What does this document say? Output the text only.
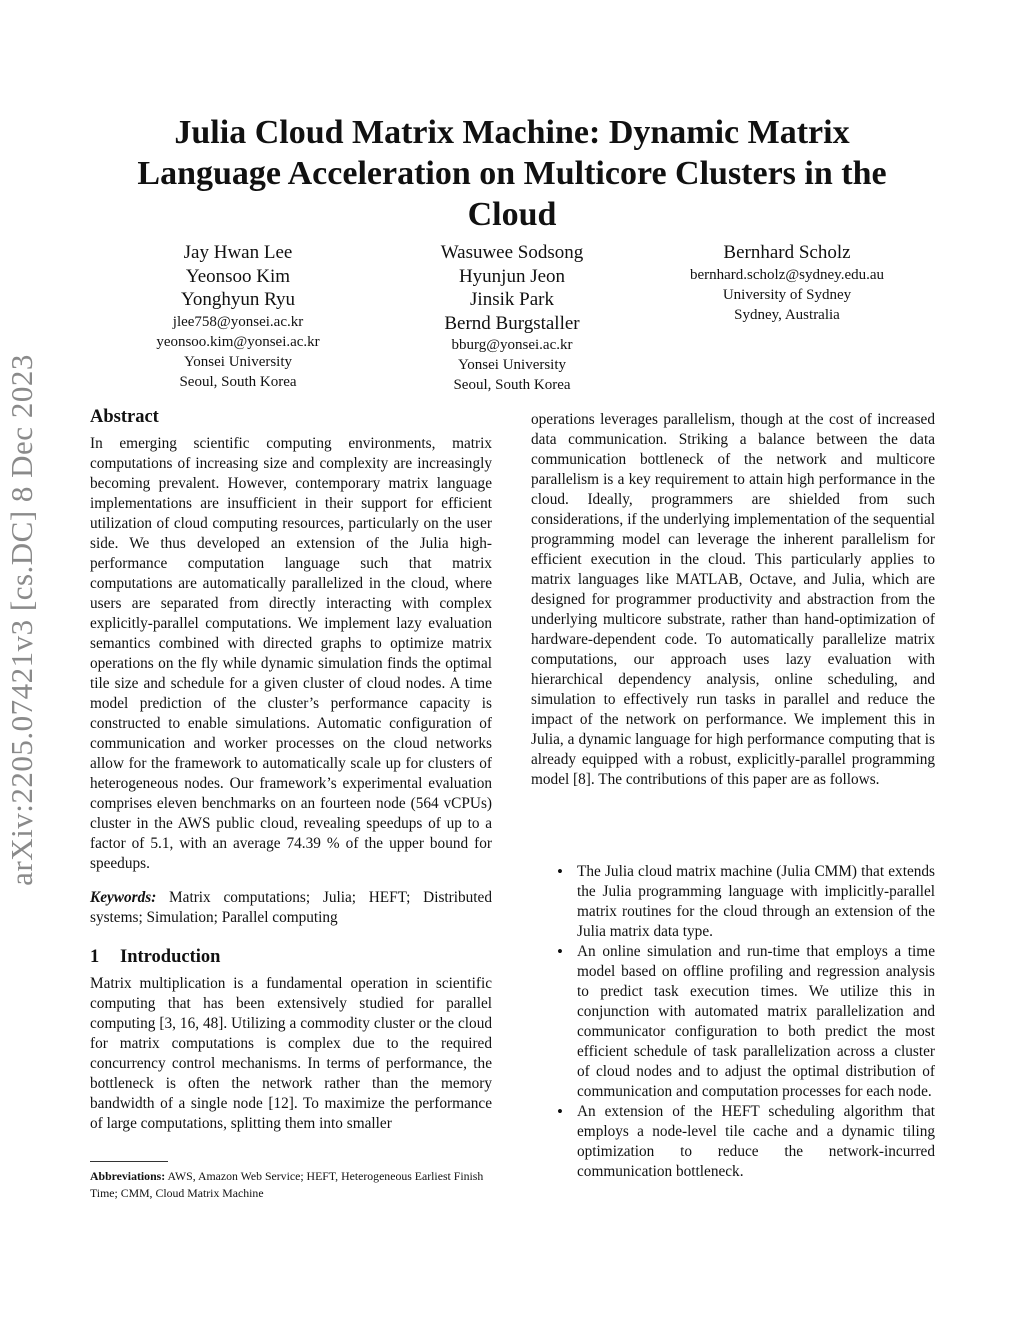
arXiv:2205.07421v3 [cs.DC] 8 Dec 2023
Julia Cloud Matrix Machine: Dynamic Matrix
Language Acceleration on Multicore Clusters in the
Cloud
Jay Hwan Lee
Yeonsoo Kim
Yonghyun Ryu
jlee758@yonsei.ac.kr
yeonsoo.kim@yonsei.ac.kr
Yonsei University
Seoul, South Korea
Wasuwee Sodsong
Hyunjun Jeon
Jinsik Park
Bernd Burgstaller
bburg@yonsei.ac.kr
Yonsei University
Seoul, South Korea
Bernhard Scholz
bernhard.scholz@sydney.edu.au
University of Sydney
Sydney, Australia
Abstract

In emerging scientific computing environments, matrix computations of increasing size and complexity are increasingly becoming prevalent. However, contemporary matrix language implementations are insufficient in their support for efficient utilization of cloud computing resources, particularly on the user side. We thus developed an extension of the Julia high-performance computation language such that matrix computations are automatically parallelized in the cloud, where users are separated from directly interacting with complex explicitly-parallel computations. We implement lazy evaluation semantics combined with directed graphs to optimize matrix operations on the fly while dynamic simulation finds the optimal tile size and schedule for a given cluster of cloud nodes. A time model prediction of the cluster’s performance capacity is constructed to enable simulations. Automatic configuration of communication and worker processes on the cloud networks allow for the framework to automatically scale up for clusters of heterogeneous nodes. Our framework’s experimental evaluation comprises eleven benchmarks on an fourteen node (564 vCPUs) cluster in the AWS public cloud, revealing speedups of up to a factor of 5.1, with an average 74.39 % of the upper bound for speedups.

Keywords: Matrix computations; Julia; HEFT; Distributed systems; Simulation; Parallel computing

1 Introduction

Matrix multiplication is a fundamental operation in scientific computing that has been extensively studied for parallel computing [3, 16, 48]. Utilizing a commodity cluster or the cloud for matrix computations is complex due to the required concurrency control mechanisms. In terms of performance, the bottleneck is often the network rather than the memory bandwidth of a single node [12]. To maximize the performance of large computations, splitting them into smaller

operations leverages parallelism, though at the cost of increased data communication. Striking a balance between the data communication bottleneck of the network and multicore parallelism is a key requirement to attain high performance in the cloud. Ideally, programmers are shielded from such considerations, if the underlying implementation of the sequential programming model can leverage the inherent parallelism for efficient execution in the cloud. This particularly applies to matrix languages like MATLAB, Octave, and Julia, which are designed for programmer productivity and abstraction from the underlying multicore substrate, rather than hand-optimization of hardware-dependent code. To automatically parallelize matrix computations, our approach uses lazy evaluation with hierarchical dependency analysis, online scheduling, and simulation to effectively run tasks in parallel and reduce the impact of the network on performance. We implement this in Julia, a dynamic language for high performance computing that is already equipped with a robust, explicitly-parallel programming model [8]. The contributions of this paper are as follows.

• The Julia cloud matrix machine (Julia CMM) that extends the Julia programming language with implicitly-parallel matrix routines for the cloud through an extension of the Julia matrix data type.
• An online simulation and run-time that employs a time model based on offline profiling and regression analysis to predict task execution times. We utilize this in conjunction with automated matrix parallelization and communicator configuration to both predict the most efficient schedule of task parallelization across a cluster of cloud nodes and to adjust the optimal distribution of communication and computation processes for each node.
• An extension of the HEFT scheduling algorithm that employs a node-level tile cache and a dynamic tiling optimization to reduce the network-incurred communication bottleneck.
Abbreviations: AWS, Amazon Web Service; HEFT, Heterogeneous Earliest Finish Time; CMM, Cloud Matrix Machine
